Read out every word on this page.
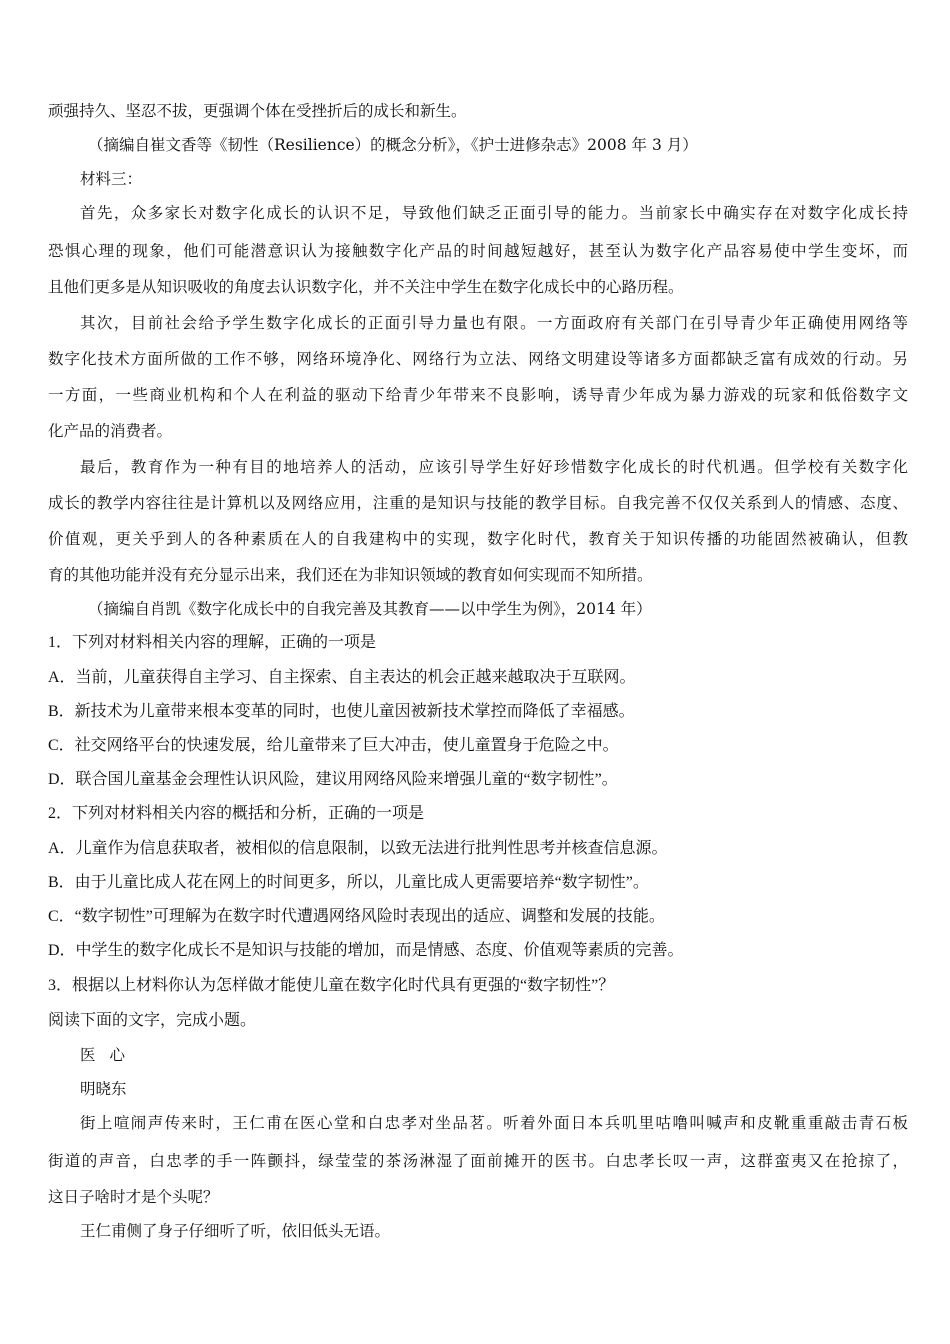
顽强持久、坚忍不拔，更强调个体在受挫折后的成长和新生。
（摘编自崔文香等《韧性（Resilience）的概念分析》，《护士进修杂志》2008 年 3 月）
材料三：
首先，众多家长对数字化成长的认识不足，导致他们缺乏正面引导的能力。当前家长中确实存在对数字化成长持
恐惧心理的现象，他们可能潜意识认为接触数字化产品的时间越短越好，甚至认为数字化产品容易使中学生变坏，而
且他们更多是从知识吸收的角度去认识数字化，并不关注中学生在数字化成长中的心路历程。
其次，目前社会给予学生数字化成长的正面引导力量也有限。一方面政府有关部门在引导青少年正确使用网络等
数字化技术方面所做的工作不够，网络环境净化、网络行为立法、网络文明建设等诸多方面都缺乏富有成效的行动。另
一方面，一些商业机构和个人在利益的驱动下给青少年带来不良影响，诱导青少年成为暴力游戏的玩家和低俗数字文
化产品的消费者。
最后，教育作为一种有目的地培养人的活动，应该引导学生好好珍惜数字化成长的时代机遇。但学校有关数字化
成长的教学内容往往是计算机以及网络应用，注重的是知识与技能的教学目标。自我完善不仅仅关系到人的情感、态度、
价值观，更关乎到人的各种素质在人的自我建构中的实现，数字化时代，教育关于知识传播的功能固然被确认，但教
育的其他功能并没有充分显示出来，我们还在为非知识领域的教育如何实现而不知所措。
（摘编自肖凯《数字化成长中的自我完善及其教育——以中学生为例》，2014 年）
1．下列对材料相关内容的理解，正确的一项是
A．当前，儿童获得自主学习、自主探索、自主表达的机会正越来越取决于互联网。
B．新技术为儿童带来根本变革的同时，也使儿童因被新技术掌控而降低了幸福感。
C．社交网络平台的快速发展，给儿童带来了巨大冲击，使儿童置身于危险之中。
D．联合国儿童基金会理性认识风险，建议用网络风险来增强儿童的“数字韧性”。
2．下列对材料相关内容的概括和分析，正确的一项是
A．儿童作为信息获取者，被相似的信息限制，以致无法进行批判性思考并核查信息源。
B．由于儿童比成人花在网上的时间更多，所以，儿童比成人更需要培养“数字韧性”。
C．“数字韧性”可理解为在数字时代遭遇网络风险时表现出的适应、调整和发展的技能。
D．中学生的数字化成长不是知识与技能的增加，而是情感、态度、价值观等素质的完善。
3．根据以上材料你认为怎样做才能使儿童在数字化时代具有更强的“数字韧性”？
阅读下面的文字，完成小题。
医心
明晓东
街上喧闹声传来时，王仁甫在医心堂和白忠孝对坐品茗。听着外面日本兵叽里咕噜叫喊声和皮靴重重敲击青石板
街道的声音，白忠孝的手一阵颤抖，绿莹莹的茶汤淋湿了面前摊开的医书。白忠孝长叹一声，这群蛮夷又在抢掠了，
这日子啥时才是个头呢？
王仁甫侧了身子仔细听了听，依旧低头无语。
